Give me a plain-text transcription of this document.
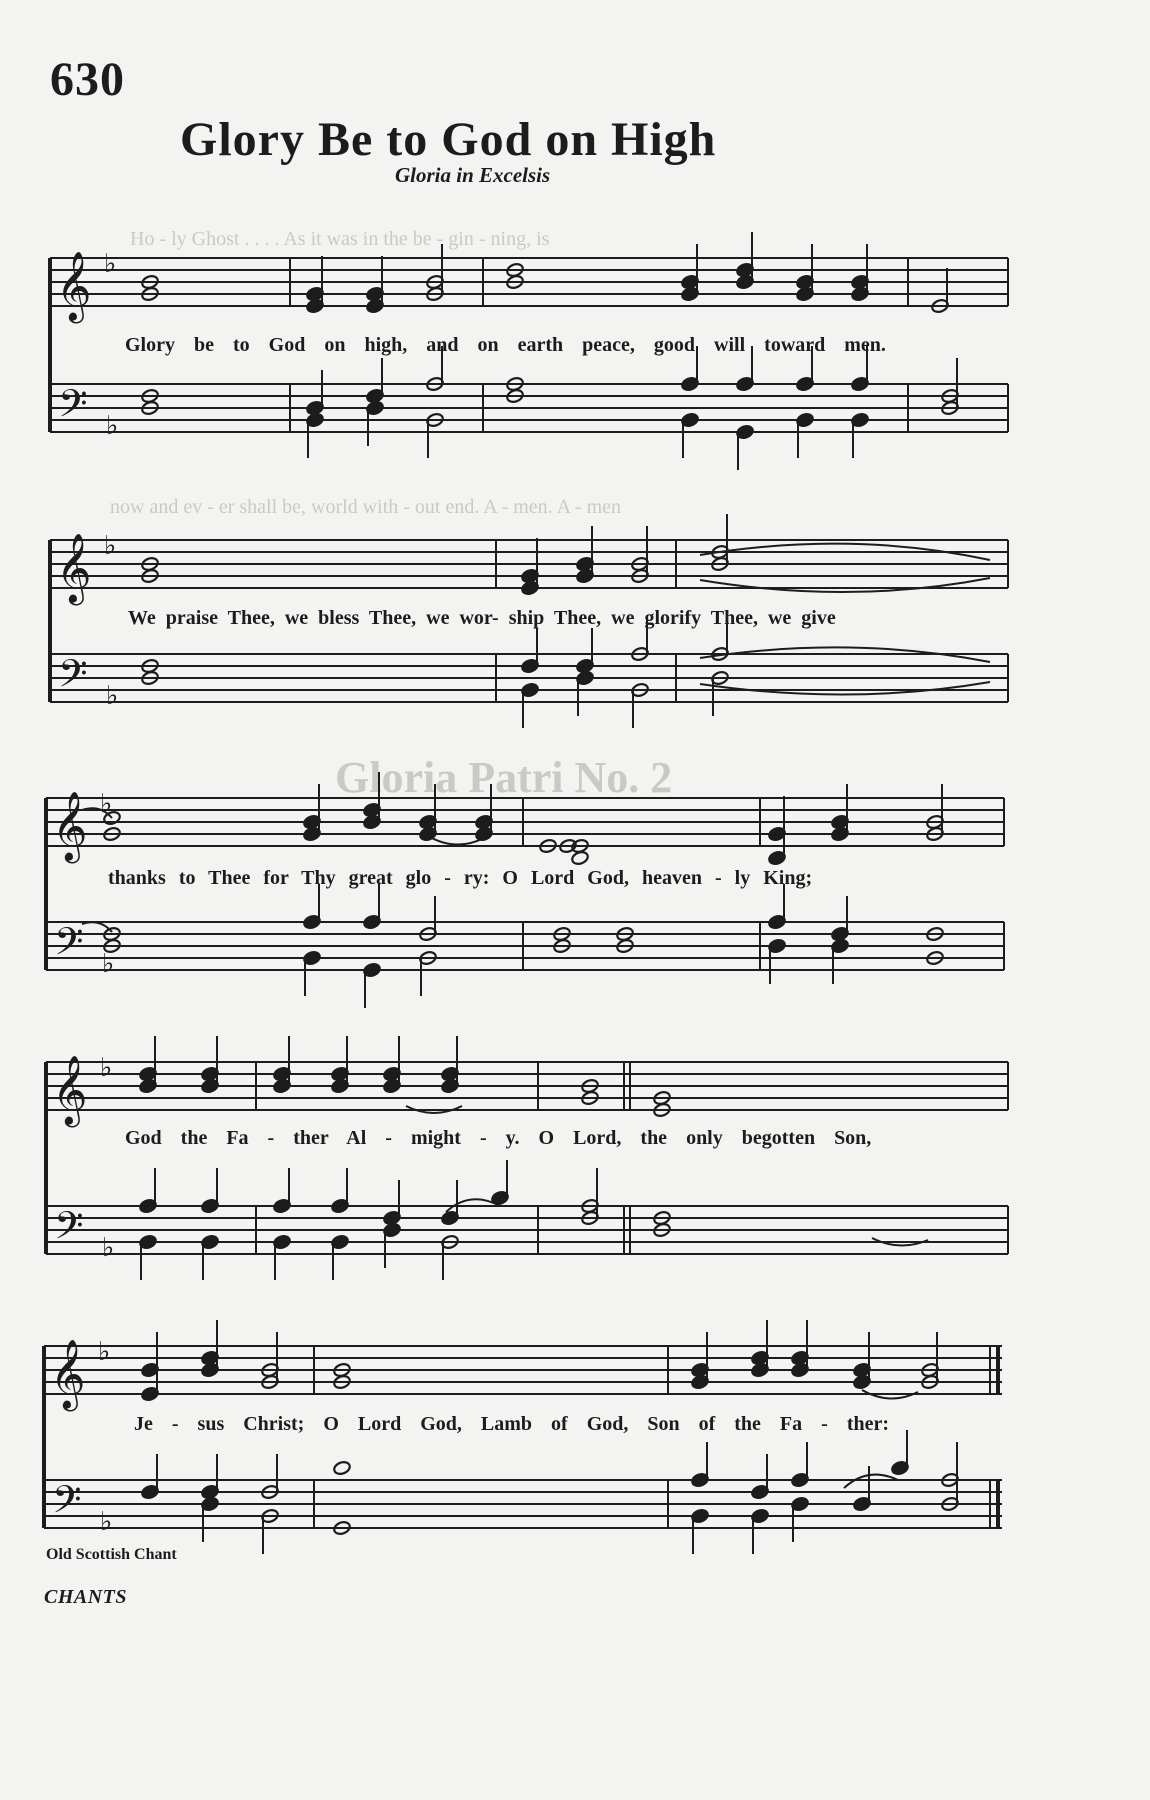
Ho - ly Ghost . . . . As it was in the be - gin - ning, is
now and ev - er shall be, world with - out end. A - men. A - men
Gloria Patri No. 2
630
Glory Be to God on High
Gloria in Excelsis
𝄞
𝄢
𝄞
𝄢
𝄞
𝄢
𝄞
𝄢
𝄞
𝄢
♭
♭
♭
♭
♭
♭
♭
♭
♭
♭
Glory be to God on high, and on earth peace, good will toward men.
We praise Thee, we bless Thee, we wor- ship Thee, we glorify Thee, we give
thanks to Thee for Thy great glo - ry: O Lord God, heaven - ly King;
God the Fa - ther Al - might - y. O Lord, the only begotten Son,
Je - sus Christ; O Lord God, Lamb of God, Son of the Fa - ther:
Old Scottish Chant
CHANTS
